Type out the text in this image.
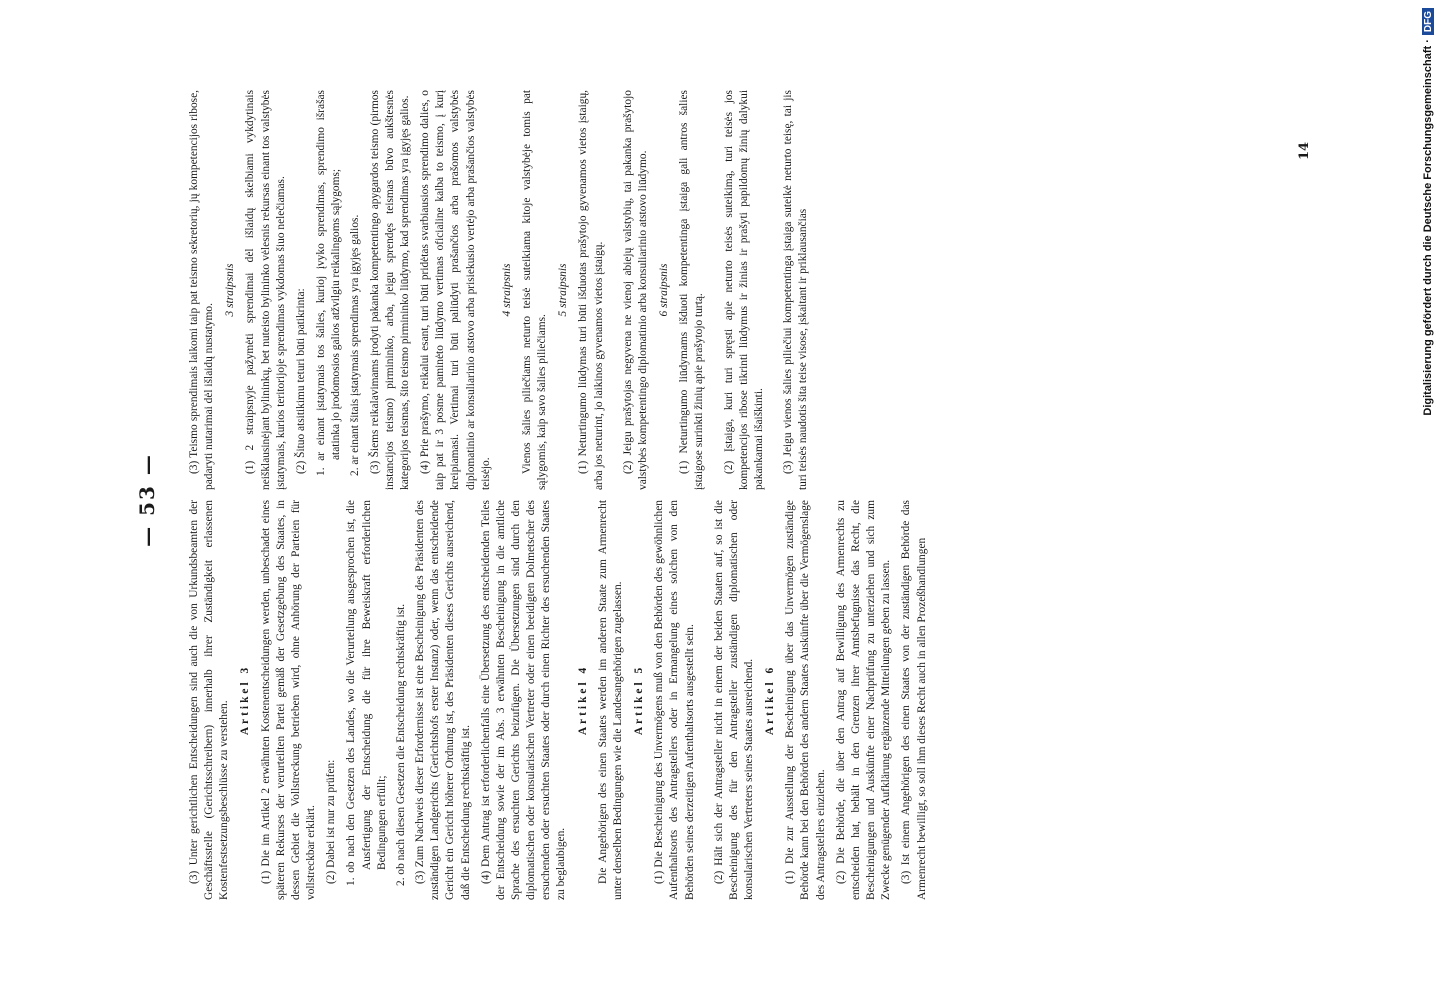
— 53 —	(3) Unter gerichtlichen Entscheidungen sind auch die von Urkundsbeamten der Geschäftsstelle (Gerichtsschreibern) innerhalb ihrer Zuständigkeit erlassenen Kostenfestsetzungsbeschlüsse zu verstehen.

Artikel 3 (1) Die im Artikel 2 erwähnten Kostenentscheidungen werden, unbeschadet eines späteren Rekurses der verurteilten Partei gemäß der Gesetzgebung des Staates, in dessen Gebiet die Vollstreckung betrieben wird, ohne Anhörung der Parteien für vollstreckbar erklärt. (2) Dabei ist nur zu prüfen: 1. ob nach den Gesetzen des Landes, wo die Verurteilung ausgesprochen ist, die Ausfertigung der Entscheidung die für ihre Beweiskraft erforderlichen Bedingungen erfüllt; 2. ob nach diesen Gesetzen die Entscheidung rechtskräftig ist. (3) Zum Nachweis dieser Erfordernisse ist eine Bescheinigung des Präsidenten des zuständigen Landgerichts (Gerichtshofs erster Instanz) oder, wenn das entscheidende Gericht ein Gericht höherer Ordnung ist, des Präsidenten dieses Gerichts ausreichend, daß die Entscheidung rechtskräftig ist. (4) Dem Antrag ist erforderlichenfalls eine Übersetzung des entscheidenden Teiles der Entscheidung sowie der im Abs. 3 erwähnten Bescheinigung in die amtliche Sprache des ersuchten Gerichts beizufügen. Die Übersetzungen sind durch den diplomatischen oder konsularischen Vertreter oder einen beeidigten Dolmetscher des ersuchenden oder ersuchten Staates oder durch einen Richter des ersuchenden Staates zu beglaubigen.

Artikel 4 Die Angehörigen des einen Staates werden im anderen Staate zum Armenrecht unter denselben Bedingungen wie die Landesangehörigen zugelassen. Artikel 5 (1) Die Bescheinigung des Unvermögens muß von den Behörden des gewöhnlichen Aufenthaltsorts des Antragstellers oder in Ermangelung eines solchen von den Behörden seines derzeitigen Aufenthaltsorts ausgestellt sein. (2) Hält sich der Antragsteller nicht in einem der beiden Staaten auf, so ist die Bescheinigung des für den Antragsteller zuständigen diplomatischen oder konsularischen Vertreters seines Staates ausreichend. Artikel 6 (1) Die zur Ausstellung der Bescheinigung über das Unvermögen zuständige Behörde kann bei den Behörden des andern Staates Auskünfte über die Vermögenslage des Antragstellers einziehen. (2) Die Behörde, die über den Antrag auf Bewilligung des Armenrechts zu entscheiden hat, behält in den Grenzen ihrer Amtsbefugnisse das Recht, die Bescheinigungen und Auskünfte einer Nachprüfung zu unterziehen und sich zum Zwecke genügender Aufklärung ergänzende Mitteilungen geben zu lassen. (3) Ist einem Angehörigen des einen Staates von der zuständigen Behörde das Armenrecht bewilligt, so soll ihm dieses Recht auch in allen Prozeßhandlungen

(3) Teismo sprendimais laikomi taip pat teismo sekretorių, jų kompetencijos ribose, padaryti nutarimai dėl išlaidų nustatymo.

3 straipsnis (1) 2 straipsnyje pažymėti sprendimai dėl išlaidų skelbiami vykdytinais neišklausinėjant bylininkų, bet nuteisto bylininko vėlesnis rekursas einant tos valstybės įstatymais, kurios teritorijoje sprendimas vykdomas šiuo nelečiamas. (2) Šituo atsitikimu teturi būti patikrinta: 1. ar einant įstatymais tos šalies, kurioj įvyko sprendimas, sprendimo išrašas atatinka jo įrodomosios galios atžvilgiu reikalingoms sąlygoms; 2. ar einant šitais įstatymais sprendimas yra įgyjęs galios. (3) Šiems reikalavimams įrodyti pakanka kompetentingo apygardos teismo (pirmos instancijos teismo) pirmininko, arba, jeigu sprendęs teismas būvo aukštesnės kategorijos teismas, šito teismo pirmininko liūdymo, kad sprendimas yra įgyjęs galios. (4) Prie prašymo, reikalui esant, turi būti pridėtas svarbiausios sprendimo dalies, o taip pat ir 3 posme paminėto liūdymo vertimas oficialine kalba to teismo, į kurį kreipiamasi. Vertimai turi būti paliūdyti prašančios arba prašomos valstybės diplomatinio ar konsuliarinio atstovo arba prisiekusio vertėjo arba prašančios valstybės teisėjo.

4 straipsnis Vienos šalies piliečiams neturto teisė suteikiama kitoje valstybėje tomis pat sąlygomis, kaip savo šalies piliečiams.

5 straipsnis (1) Neturtingumo liūdymas turi būti išduotas prašytojo gyvenamos vietos įstaigų, arba jos neturint, jo laikinos gyvenamos vietos įstaigų. (2) Jeigu prašytojas negyvena ne vienoj abiejų valstybių, tai pakanka prašytojo valstybės kompetentingo diplomatinio arba konsuliarinio atstovo liūdymo. 6 straipsnis (1) Neturtingumo liūdymams išduoti kompetentinga įstaiga gali antros šalies įstaigose surinkti žinių apie prašytojo turtą. (2) Įstaiga, kuri turi spręsti apie neturto teisės suteikimą, turi teisės jos kompetencijos ribose tikrinti liūdymus ir žinias ir prašyti papildomų žinių dalykui pakankamai išaiškinti. (3) Jeigu vienos šalies piliečiui kompetentinga įstaiga suteikė neturto teisę, tai jis turi teisės naudotis šita teise visose, įskaitant ir priklausančias

14	Digitalisierung gefördert durch die Deutsche Forschungsgemeinschaft ·DFG
